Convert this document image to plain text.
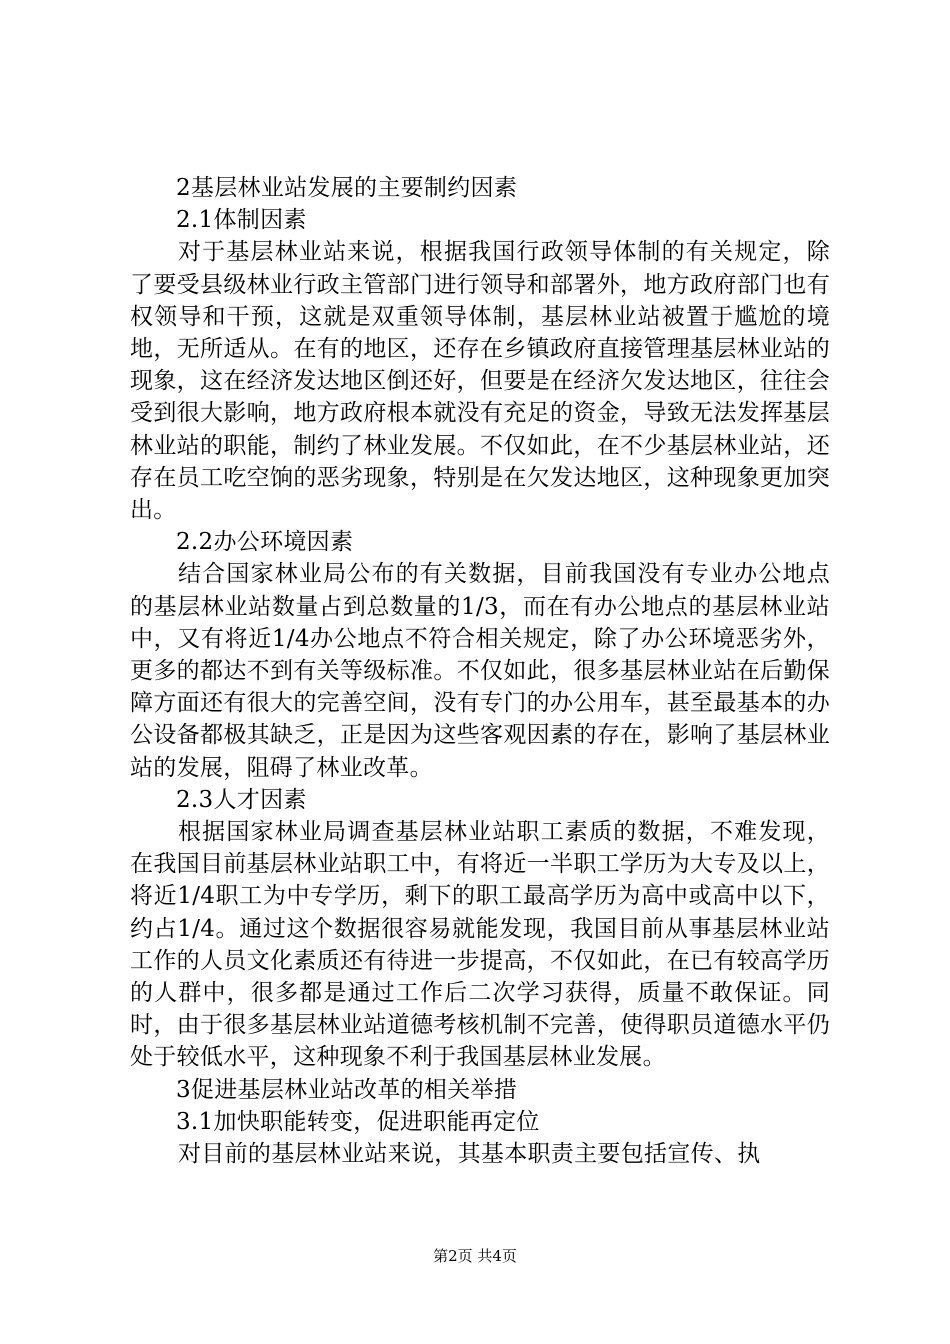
2基层林业站发展的主要制约因素

2.1体制因素

对于基层林业站来说，根据我国行政领导体制的有关规定，除了要受县级林业行政主管部门进行领导和部署外，地方政府部门也有权领导和干预，这就是双重领导体制，基层林业站被置于尴尬的境地，无所适从。在有的地区，还存在乡镇政府直接管理基层林业站的现象，这在经济发达地区倒还好，但要是在经济欠发达地区，往往会受到很大影响，地方政府根本就没有充足的资金，导致无法发挥基层林业站的职能，制约了林业发展。不仅如此，在不少基层林业站，还存在员工吃空饷的恶劣现象，特别是在欠发达地区，这种现象更加突出。

2.2办公环境因素

结合国家林业局公布的有关数据，目前我国没有专业办公地点的基层林业站数量占到总数量的1/3，而在有办公地点的基层林业站中，又有将近1/4办公地点不符合相关规定，除了办公环境恶劣外，更多的都达不到有关等级标准。不仅如此，很多基层林业站在后勤保障方面还有很大的完善空间，没有专门的办公用车，甚至最基本的办公设备都极其缺乏，正是因为这些客观因素的存在，影响了基层林业站的发展，阻碍了林业改革。

2.3人才因素

根据国家林业局调查基层林业站职工素质的数据，不难发现，在我国目前基层林业站职工中，有将近一半职工学历为大专及以上，将近1/4职工为中专学历，剩下的职工最高学历为高中或高中以下，约占1/4。通过这个数据很容易就能发现，我国目前从事基层林业站工作的人员文化素质还有待进一步提高，不仅如此，在已有较高学历的人群中，很多都是通过工作后二次学习获得，质量不敢保证。同时，由于很多基层林业站道德考核机制不完善，使得职员道德水平仍处于较低水平，这种现象不利于我国基层林业发展。

3促进基层林业站改革的相关举措

3.1加快职能转变，促进职能再定位

对目前的基层林业站来说，其基本职责主要包括宣传、执

第2页 共4页
